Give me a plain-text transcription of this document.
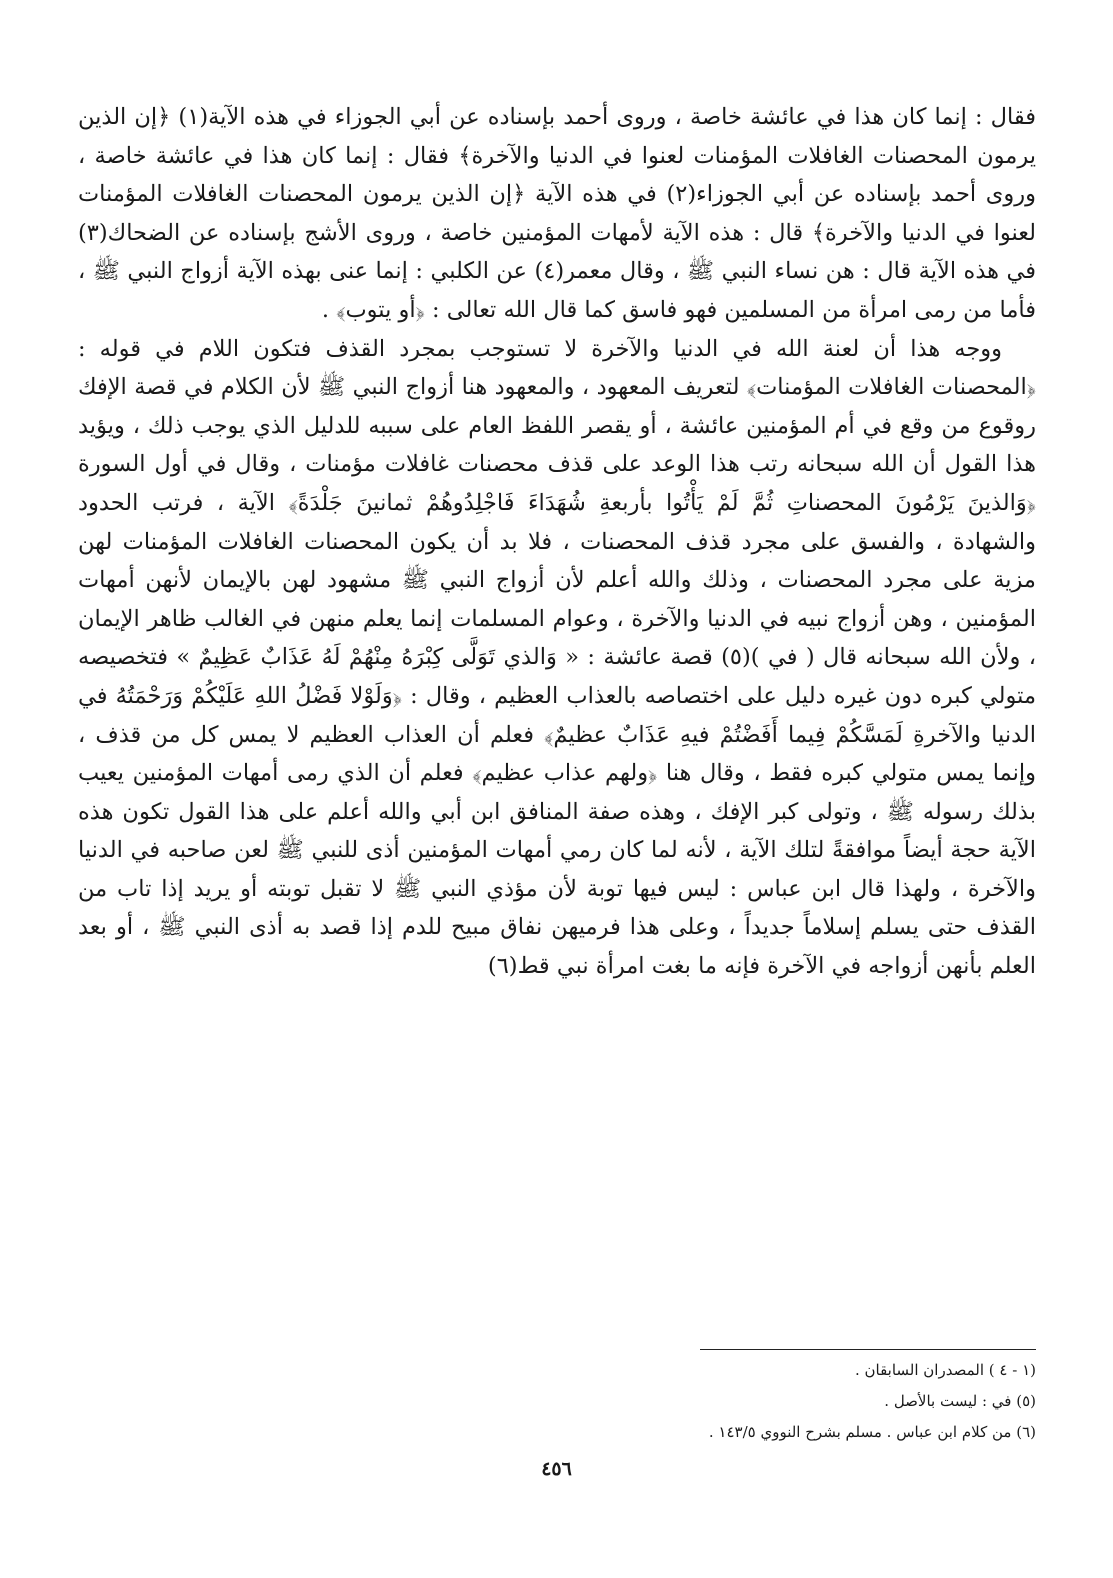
فقال : إنما كان هذا في عائشة خاصة ، وروى أحمد بإسناده عن أبي الجوزاء في هذه الآية(١) ﴿إن الذين يرمون المحصنات الغافلات المؤمنات لعنوا في الدنيا والآخرة﴾ فقال : إنما كان هذا في عائشة خاصة ، وروى أحمد بإسناده عن أبي الجوزاء(٢) في هذه الآية ﴿إن الذين يرمون المحصنات الغافلات المؤمنات لعنوا في الدنيا والآخرة﴾ قال : هذه الآية لأمهات المؤمنين خاصة ، وروى الأشج بإسناده عن الضحاك(٣) في هذه الآية قال : هن نساء النبي ﷺ ، وقال معمر(٤) عن الكلبي : إنما عنى بهذه الآية أزواج النبي ﷺ ، فأما من رمى امرأة من المسلمين فهو فاسق كما قال الله تعالى : ﴿أو يتوب﴾ .

ووجه هذا أن لعنة الله في الدنيا والآخرة لا تستوجب بمجرد القذف فتكون اللام في قوله : ﴿المحصنات الغافلات المؤمنات﴾ لتعريف المعهود ، والمعهود هنا أزواج النبي ﷺ لأن الكلام في قصة الإفك روقوع من وقع في أم المؤمنين عائشة ، أو يقصر اللفظ العام على سببه للدليل الذي يوجب ذلك ، ويؤيد هذا القول أن الله سبحانه رتب هذا الوعد على قذف محصنات غافلات مؤمنات ، وقال في أول السورة ﴿وَالذينَ يَرْمُونَ المحصناتِ ثُمَّ لَمْ يَأْتُوا بأربعةِ شُهَدَاءَ فَاجْلِدُوهُمْ ثمانينَ جَلْدَةً﴾ الآية ، فرتب الحدود والشهادة ، والفسق على مجرد قذف المحصنات ، فلا بد أن يكون المحصنات الغافلات المؤمنات لهن مزية على مجرد المحصنات ، وذلك والله أعلم لأن أزواج النبي ﷺ مشهود لهن بالإيمان لأنهن أمهات المؤمنين ، وهن أزواج نبيه في الدنيا والآخرة ، وعوام المسلمات إنما يعلم منهن في الغالب ظاهر الإيمان ، ولأن الله سبحانه قال ( في )(٥) قصة عائشة : « وَالذي تَوَلَّى كِبْرَهُ مِنْهُمْ لَهُ عَذَابٌ عَظِيمٌ » فتخصيصه متولي كبره دون غيره دليل على اختصاصه بالعذاب العظيم ، وقال : ﴿وَلَوْلا فَضْلُ اللهِ عَلَيْكُمْ وَرَحْمَتُهُ في الدنيا والآخرةِ لَمَسَّكُمْ فِيما أَفَضْتُمْ فيهِ عَذَابٌ عظيمٌ﴾ فعلم أن العذاب العظيم لا يمس كل من قذف ، وإنما يمس متولي كبره فقط ، وقال هنا ﴿ولهم عذاب عظيم﴾ فعلم أن الذي رمى أمهات المؤمنين يعيب بذلك رسوله ﷺ ، وتولى كبر الإفك ، وهذه صفة المنافق ابن أبي والله أعلم على هذا القول تكون هذه الآية حجة أيضاً موافقةً لتلك الآية ، لأنه لما كان رمي أمهات المؤمنين أذى للنبي ﷺ لعن صاحبه في الدنيا والآخرة ، ولهذا قال ابن عباس : ليس فيها توبة لأن مؤذي النبي ﷺ لا تقبل توبته أو يريد إذا تاب من القذف حتى يسلم إسلاماً جديداً ، وعلى هذا فرميهن نفاق مبيح للدم إذا قصد به أذى النبي ﷺ ، أو بعد العلم بأنهن أزواجه في الآخرة فإنه ما بغت امرأة نبي قط(٦)

(١ - ٤ ) المصدران السابقان .
(٥) في : ليست بالأصل .
(٦) من كلام ابن عباس . مسلم بشرح النووي ١٤٣/٥ .
٤٥٦
